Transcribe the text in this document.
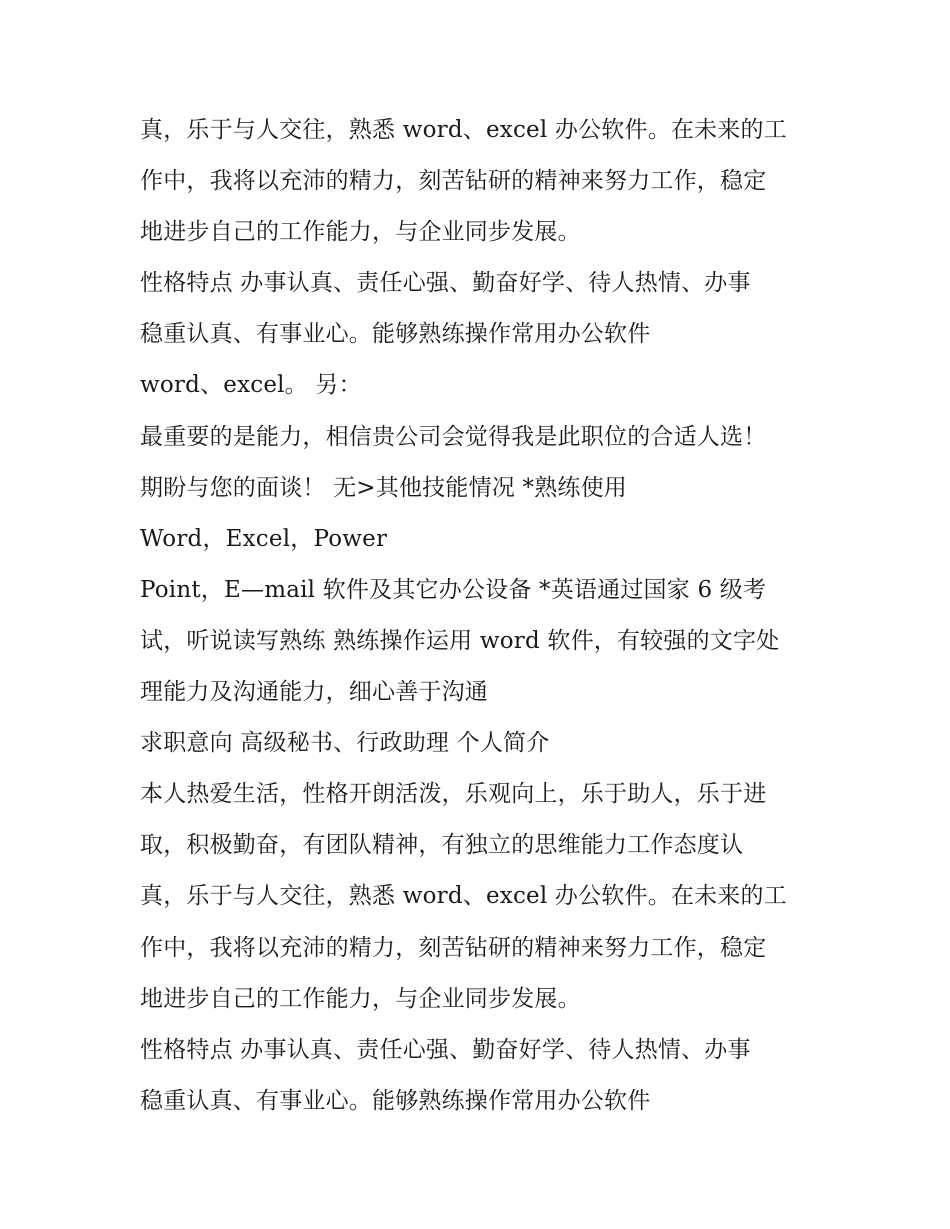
真，乐于与人交往，熟悉 word、excel 办公软件。在未来的工
作中，我将以充沛的精力，刻苦钻研的精神来努力工作，稳定
地进步自己的工作能力，与企业同步发展。
性格特点 办事认真、责任心强、勤奋好学、待人热情、办事
稳重认真、有事业心。能够熟练操作常用办公软件
word、excel。 另：
最重要的是能力，相信贵公司会觉得我是此职位的合适人选！
期盼与您的面谈！ 无>其他技能情况 *熟练使用
Word，Excel，Power
Point，E—mail 软件及其它办公设备 *英语通过国家 6 级考
试，听说读写熟练 熟练操作运用 word 软件，有较强的文字处
理能力及沟通能力，细心善于沟通
求职意向 高级秘书、行政助理 个人简介
本人热爱生活，性格开朗活泼，乐观向上，乐于助人，乐于进
取，积极勤奋，有团队精神，有独立的思维能力工作态度认
真，乐于与人交往，熟悉 word、excel 办公软件。在未来的工
作中，我将以充沛的精力，刻苦钻研的精神来努力工作，稳定
地进步自己的工作能力，与企业同步发展。
性格特点 办事认真、责任心强、勤奋好学、待人热情、办事
稳重认真、有事业心。能够熟练操作常用办公软件
